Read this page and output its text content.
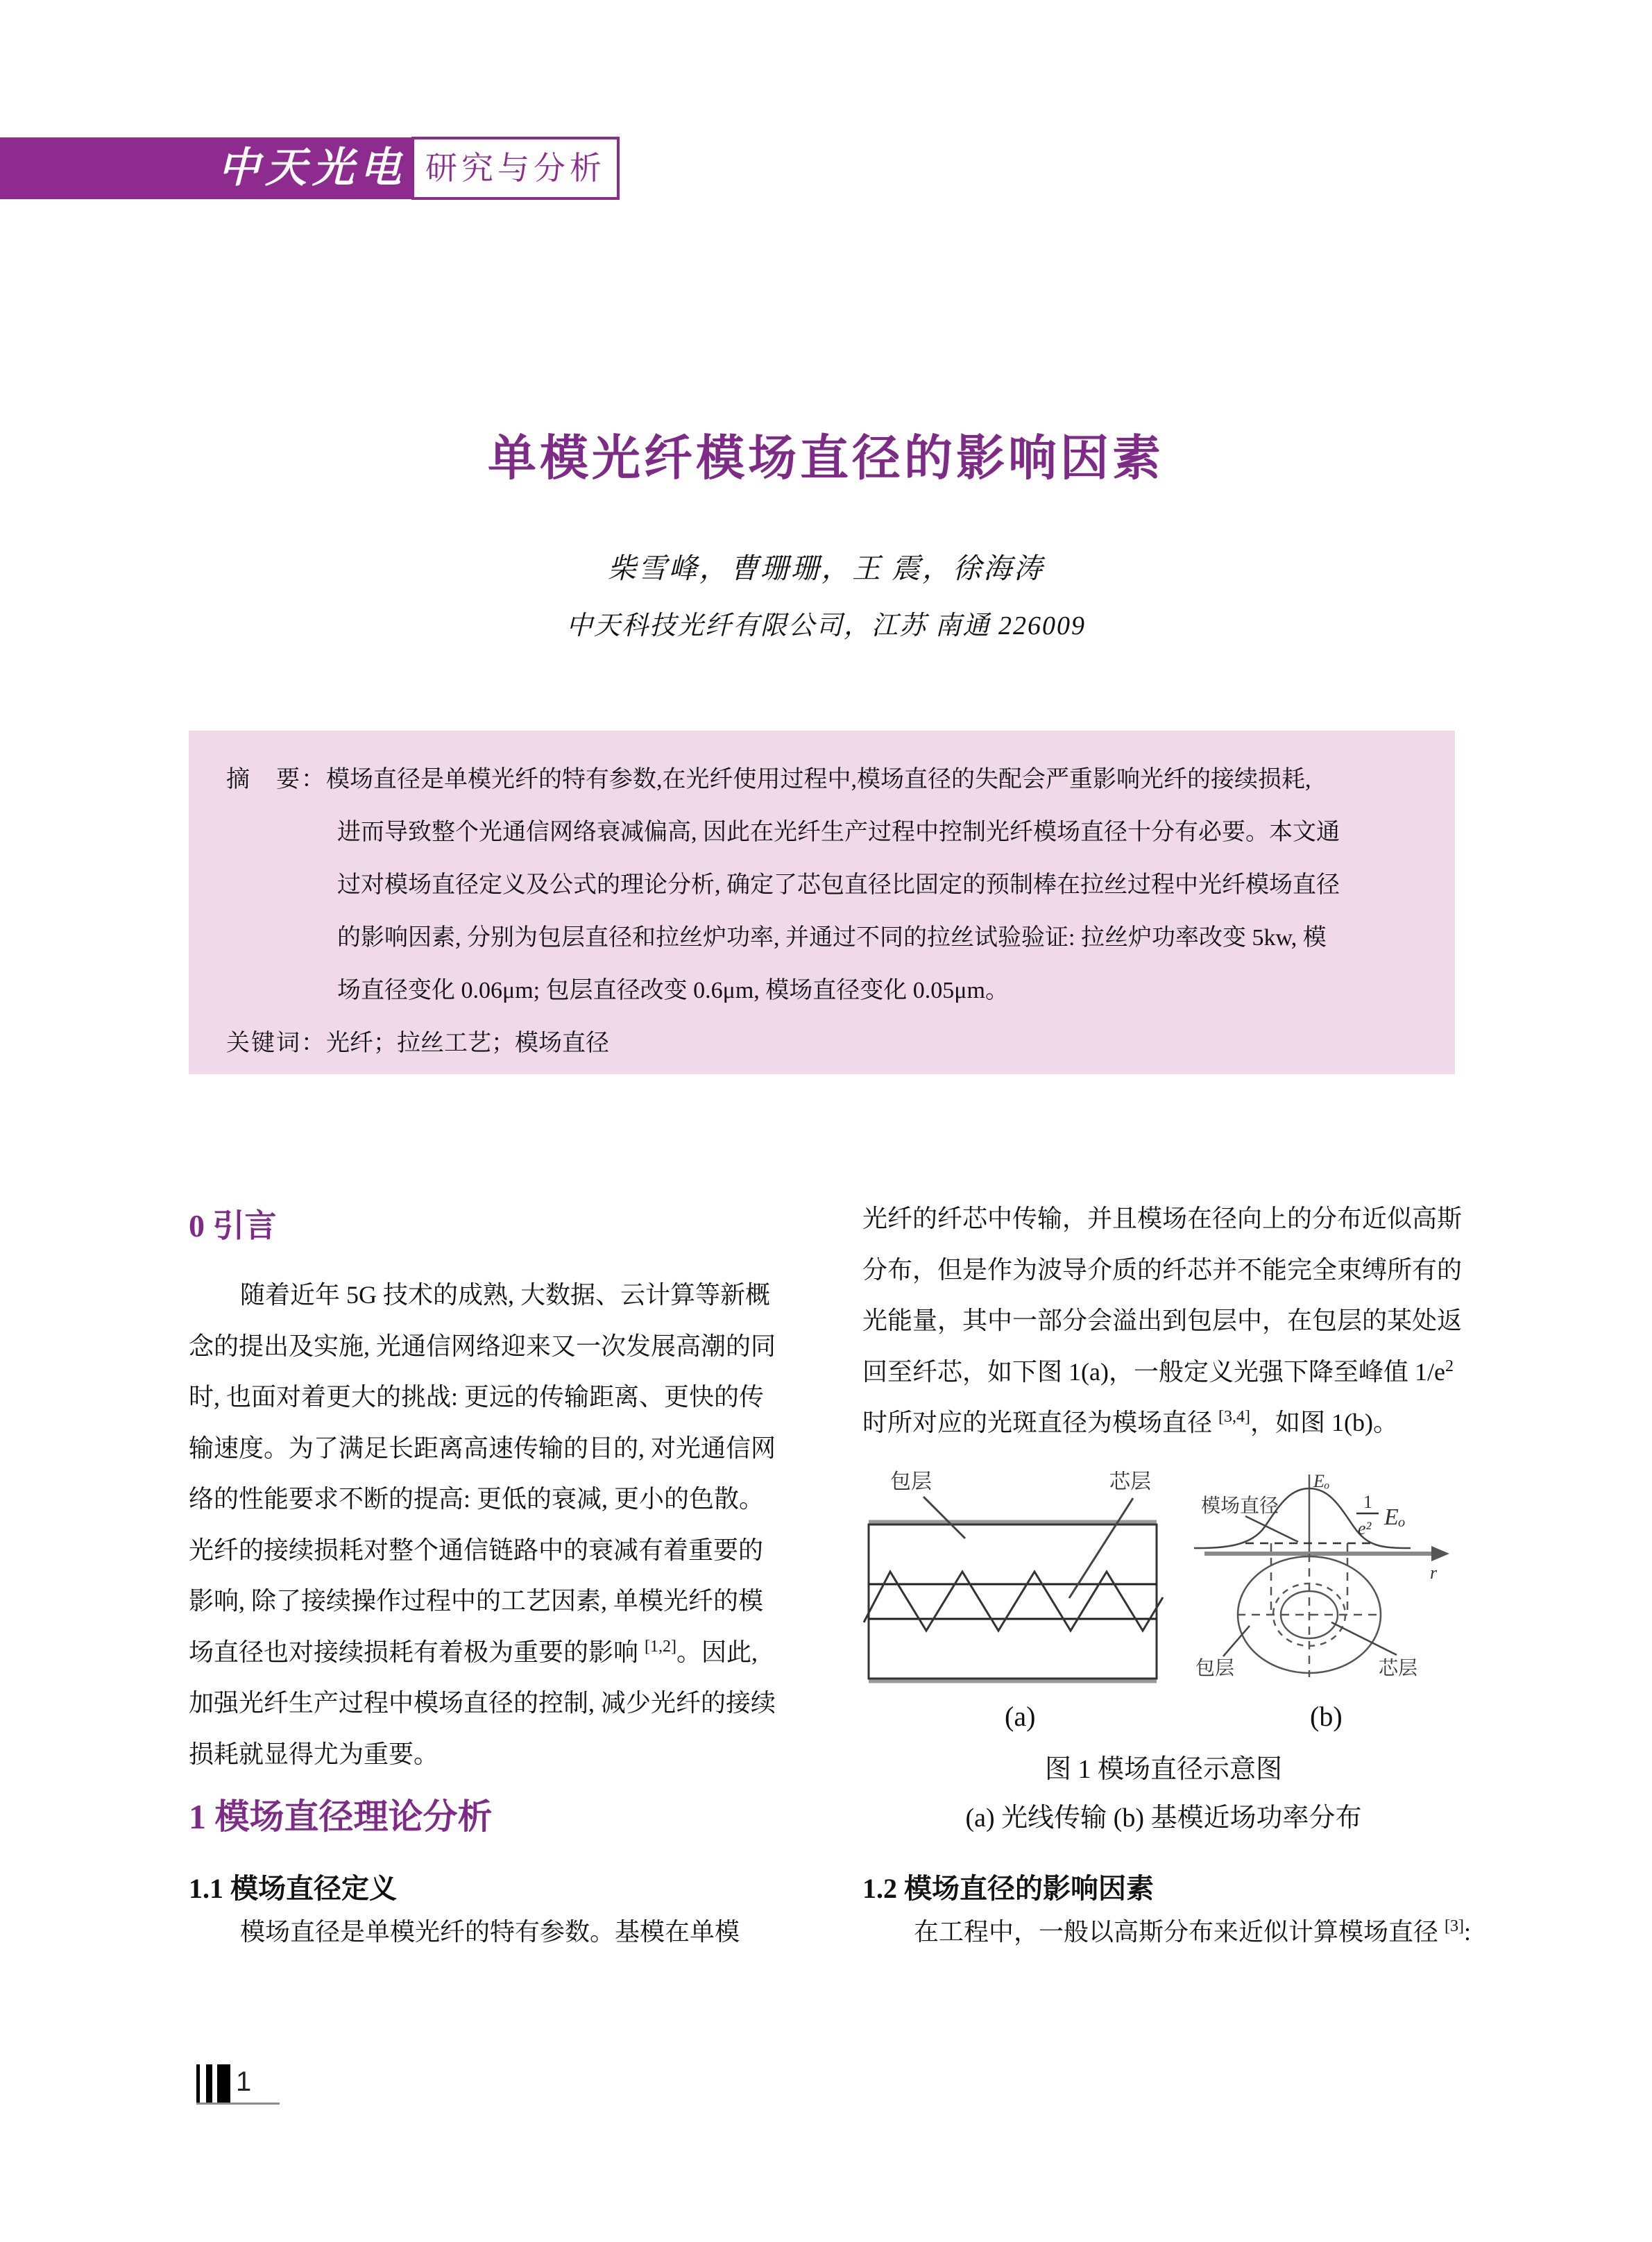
中天光电 研究与分析
单模光纤模场直径的影响因素
柴雪峰，曹珊珊，王 震，徐海涛
中天科技光纤有限公司，江苏 南通 226009
摘　要：模场直径是单模光纤的特有参数,在光纤使用过程中,模场直径的失配会严重影响光纤的接续损耗,
进而导致整个光通信网络衰减偏高, 因此在光纤生产过程中控制光纤模场直径十分有必要。本文通
过对模场直径定义及公式的理论分析, 确定了芯包直径比固定的预制棒在拉丝过程中光纤模场直径
的影响因素, 分别为包层直径和拉丝炉功率, 并通过不同的拉丝试验验证: 拉丝炉功率改变 5kw, 模
场直径变化 0.06μm; 包层直径改变 0.6μm, 模场直径变化 0.05μm。
关键词：光纤；拉丝工艺；模场直径
0 引言
随着近年 5G 技术的成熟, 大数据、云计算等新概
念的提出及实施, 光通信网络迎来又一次发展高潮的同
时, 也面对着更大的挑战: 更远的传输距离、更快的传
输速度。为了满足长距离高速传输的目的, 对光通信网
络的性能要求不断的提高: 更低的衰减, 更小的色散。
光纤的接续损耗对整个通信链路中的衰减有着重要的
影响, 除了接续操作过程中的工艺因素, 单模光纤的模
场直径也对接续损耗有着极为重要的影响 [1,2]。因此,
加强光纤生产过程中模场直径的控制, 减少光纤的接续
损耗就显得尤为重要。
1 模场直径理论分析
1.1 模场直径定义
模场直径是单模光纤的特有参数。基模在单模
光纤的纤芯中传输，并且模场在径向上的分布近似高斯
分布，但是作为波导介质的纤芯并不能完全束缚所有的
光能量，其中一部分会溢出到包层中，在包层的某处返
回至纤芯，如下图 1(a)，一般定义光强下降至峰值 1/e$^2$
时所对应的光斑直径为模场直径 [3,4]，如图 1(b)。
包层	芯层	Eₒ
r
模场直径	1
e² Eₒ
包层	芯层
(a)	(b)
图 1 模场直径示意图
(a) 光线传输 (b) 基模近场功率分布
1.2 模场直径的影响因素
在工程中，一般以高斯分布来近似计算模场直径 [3]:
1
